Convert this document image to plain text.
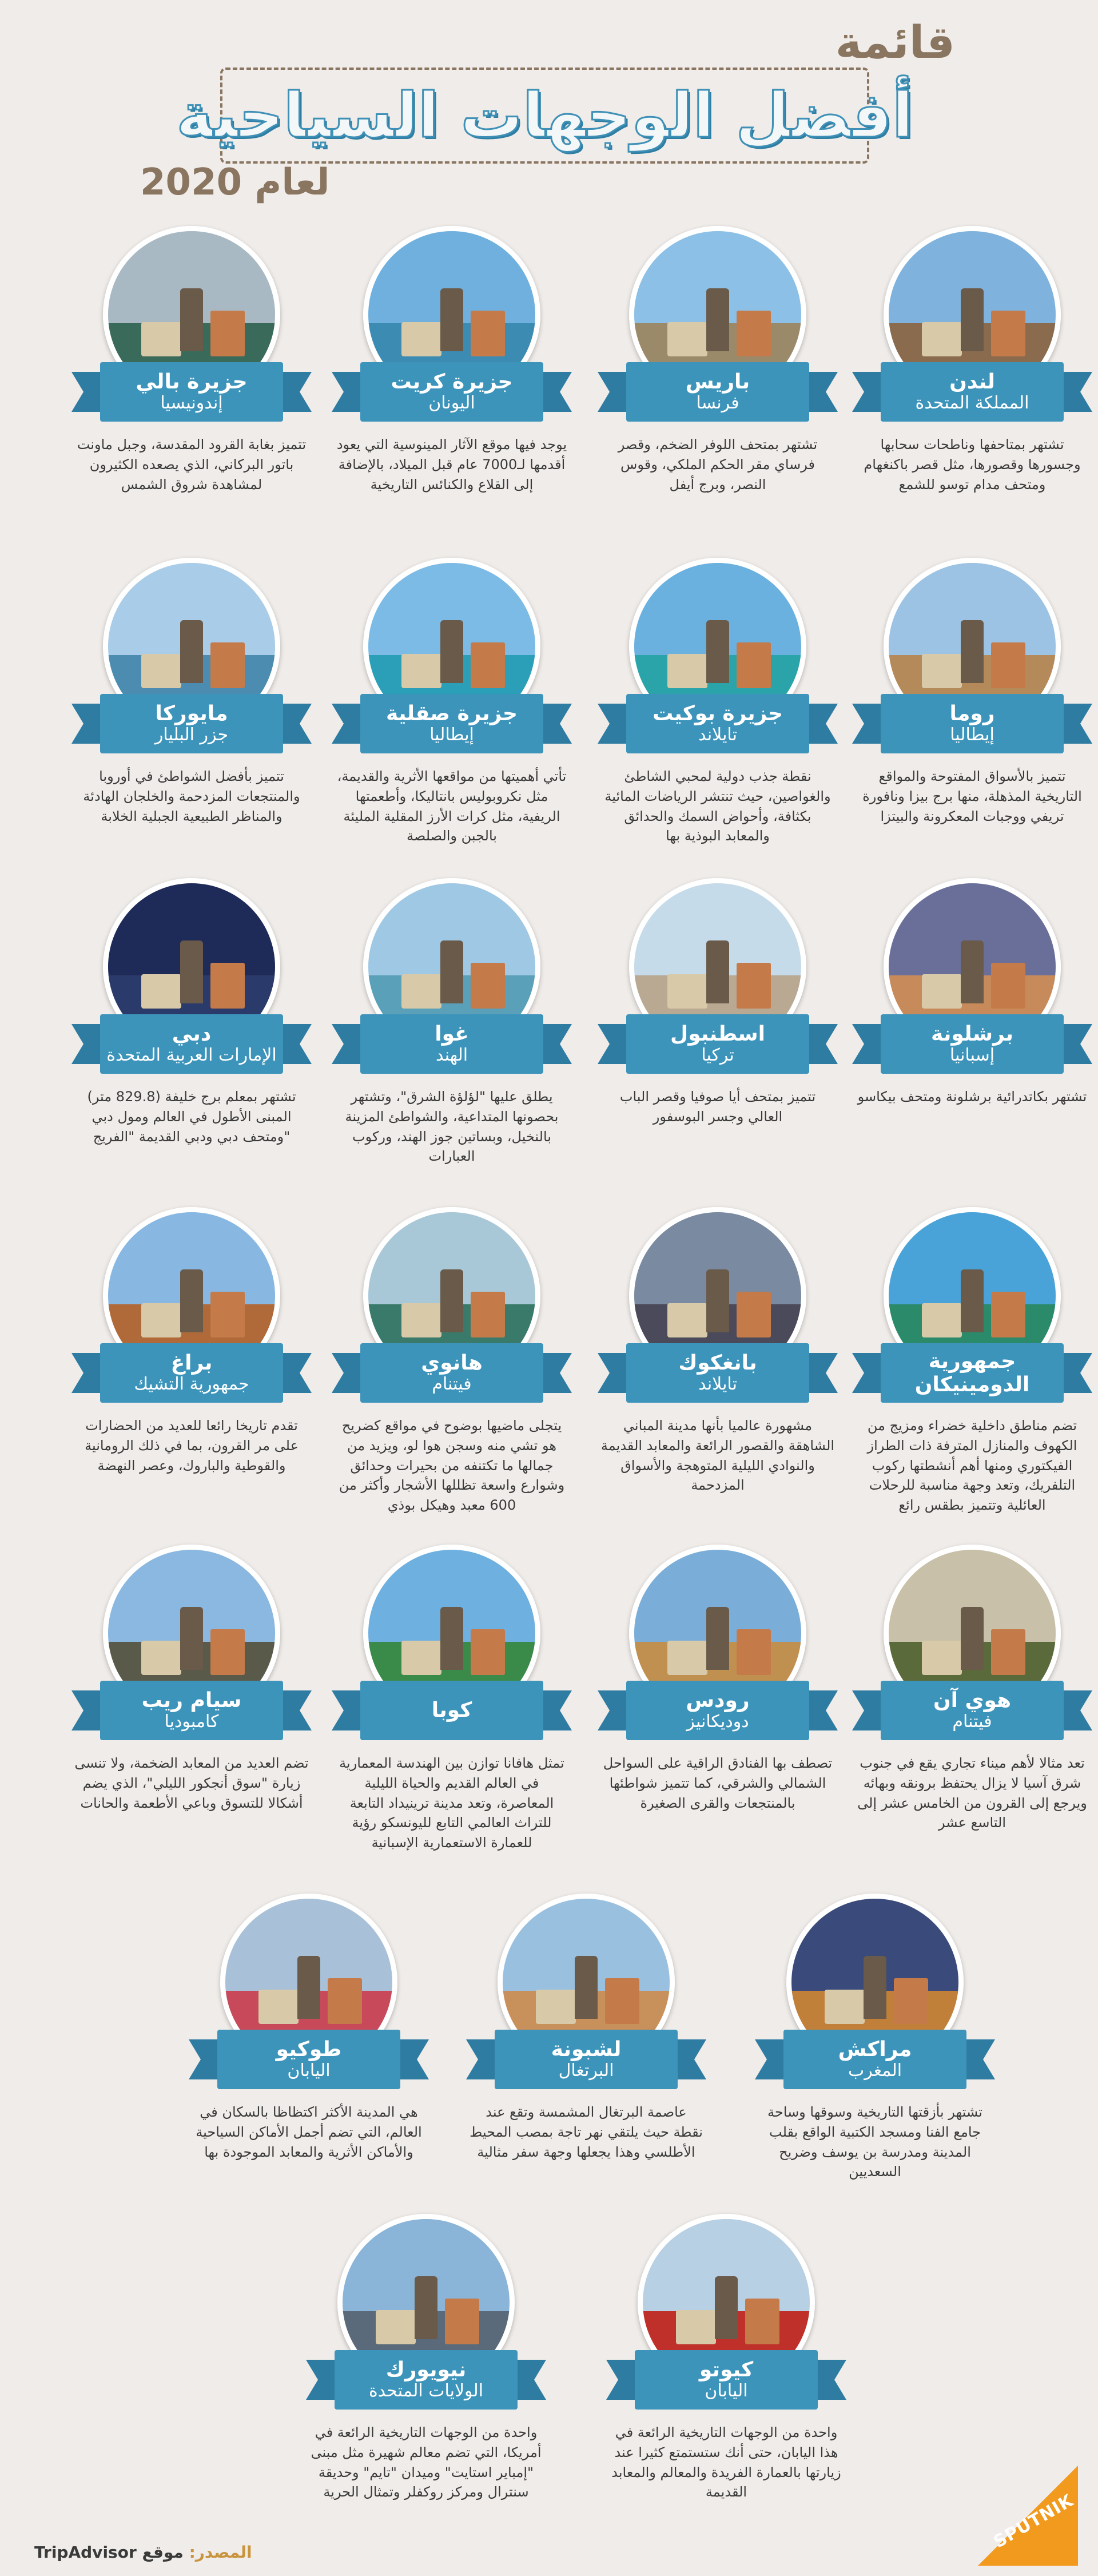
قائمة
أفضل الوجهات السياحية
لعام 2020
لندن
المملكة المتحدة
تشتهر بمتاحفها وناطحات سحابها وجسورها وقصورها، مثل قصر باكنغهام ومتحف مدام توسو للشمع
باريس
فرنسا
تشتهر بمتحف اللوفر الضخم، وقصر فرساي مقر الحكم الملكي، وقوس النصر، وبرج أيفل
جزيرة كريت
اليونان
يوجد فيها موقع الآثار المينوسية التي يعود أقدمها لـ7000 عام قبل الميلاد، بالإضافة إلى القلاع والكنائس التاريخية
جزيرة بالي
إندونيسيا
تتميز بغابة القرود المقدسة، وجبل ماونت باتور البركاني، الذي يصعده الكثيرون لمشاهدة شروق الشمس
روما
إيطاليا
تتميز بالأسواق المفتوحة والمواقع التاريخية المذهلة، منها برج بيزا ونافورة تريفي ووجبات المعكرونة والبيتزا
جزيرة بوكيت
تايلاند
نقطة جذب دولية لمحبي الشاطئ والغواصين، حيث تنتشر الرياضات المائية بكثافة، وأحواض السمك والحدائق والمعابد البوذية بها
جزيرة صقلية
إيطاليا
تأتي أهميتها من مواقعها الأثرية والقديمة، مثل نكروبوليس بانتاليكا، وأطعمتها الريفية، مثل كرات الأرز المقلية المليئة بالجبن والصلصة
مايوركا
جزر البليار
تتميز بأفضل الشواطئ في أوروبا والمنتجعات المزدحمة والخلجان الهادئة والمناظر الطبيعية الجبلية الخلابة
برشلونة
إسبانيا
تشتهر بكاتدرائية برشلونة ومتحف بيكاسو
اسطنبول
تركيا
تتميز بمتحف أيا صوفيا وقصر الباب العالي وجسر البوسفور
غوا
الهند
يطلق عليها "لؤلؤة الشرق"، وتشتهر بحصونها المتداعية، والشواطئ المزينة بالنخيل، وبساتين جوز الهند، وركوب العبارات
دبي
الإمارات العربية المتحدة
تشتهر بمعلم برج خليفة (829.8 متر) المبنى الأطول في العالم ومول دبي "ومتحف دبي ودبي القديمة "الفريج
جمهورية الدومينيكان
تضم مناطق داخلية خضراء ومزيج من الكهوف والمنازل المترفة ذات الطراز الفيكتوري ومنها أهم أنشطتها ركوب التلفريك، وتعد وجهة مناسبة للرحلات العائلية وتتميز بطقس رائع
بانغكوك
تايلاند
مشهورة عالميا بأنها مدينة المباني الشاهقة والقصور الرائعة والمعابد القديمة والنوادي الليلية المتوهجة والأسواق المزدحمة
هانوي
فيتنام
يتجلى ماضيها بوضوح في مواقع كضريح هو تشي منه وسجن هوا لو، ويزيد من جمالها ما تكتنفه من بحيرات وحدائق وشوارع واسعة تظللها الأشجار وأكثر من 600 معبد وهيكل بوذي
براغ
جمهورية التشيك
تقدم تاريخا رائعا للعديد من الحضارات على مر القرون، بما في ذلك الرومانية والقوطية والباروك، وعصر النهضة
هوي آن
فيتنام
تعد مثالا لأهم ميناء تجاري يقع في جنوب شرق آسيا لا يزال يحتفظ برونقه وبهائه ويرجع إلى القرون من الخامس عشر إلى التاسع عشر
رودس
دوديكانيز
تصطف بها الفنادق الراقية على السواحل الشمالي والشرقي، كما تتميز شواطئها بالمنتجعات والقرى الصغيرة
كوبا
تمثل هافانا توازن بين الهندسة المعمارية في العالم القديم والحياة الليلية المعاصرة، وتعد مدينة ترينيداد التابعة للتراث العالمي التابع لليونسكو رؤية للعمارة الاستعمارية الإسبانية
سيام ريب
كامبوديا
تضم العديد من المعابد الضخمة، ولا تنسى زيارة "سوق أنجكور الليلي"، الذي يضم أشكالا للتسوق وباعي الأطعمة والحانات
مراكش
المغرب
تشتهر بأزقتها التاريخية وسوقها وساحة جامع الفنا ومسجد الكتبية الواقع بقلب المدينة ومدرسة بن يوسف وضريح السعديين
لشبونة
البرتغال
عاصمة البرتغال المشمسة وتقع عند نقطة حيث يلتقي نهر تاجة بمصب المحيط الأطلسي وهذا يجعلها وجهة سفر مثالية
طوكيو
اليابان
هي المدينة الأكثر اكتظاظا بالسكان في العالم، التي تضم أجمل الأماكن السياحية والأماكن الأثرية والمعابد الموجودة بها
كيوتو
اليابان
واحدة من الوجهات التاريخية الرائعة في هذا اليابان، حتى أنك ستستمتع كثيرا عند زيارتها بالعمارة الفريدة والمعالم والمعابد القديمة
نيويورك
الولايات المتحدة
واحدة من الوجهات التاريخية الرائعة في أمريكا، التي تضم معالم شهيرة مثل مبنى "إمباير استايت" وميدان "تايم" وحديقة سنترال ومركز روكفلر وتمثال الحرية
المصدر: موقع TripAdvisor
SPUTNIK
